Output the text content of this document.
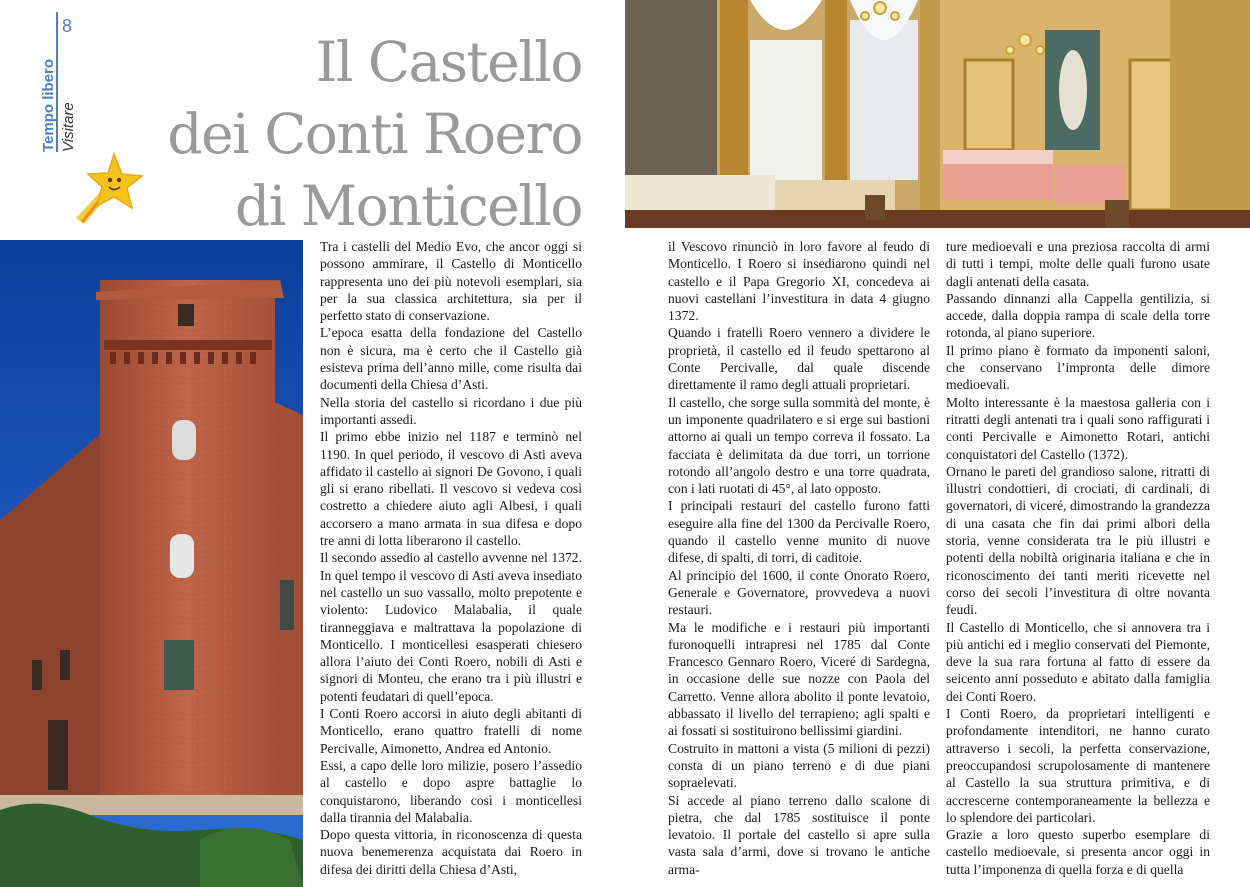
Tempo libero Visitare
8
Il Castello
dei Conti Roero
di Monticello

Tra i castelli del Medio Evo, che ancor oggi si possono ammirare, il Castello di Monticello rappresenta uno dei più notevoli esemplari, sia per la sua classica architettura, sia per il perfetto stato di conservazione.

L’epoca esatta della fondazione del Castello non è sicura, ma è certo che il Castello già esisteva prima dell’anno mille, come risulta dai documenti della Chiesa d’Asti.

Nella storia del castello si ricordano i due più importanti assedi.

Il primo ebbe inizio nel 1187 e terminò nel 1190. In quel periodo, il vescovo di Asti aveva affidato il castello ai signori De Govono, i quali gli si erano ribellati. Il vescovo si vedeva così costretto a chiedere aiuto agli Albesi, i quali accorsero a mano armata in sua difesa e dopo tre anni di lotta liberarono il castello.

Il secondo assedio al castello avvenne nel 1372. In quel tempo il vescovo di Asti aveva insediato nel castello un suo vassallo, molto prepotente e violento: Ludovico Malabalia, il quale tiranneggiava e maltrattava la popolazione di Monticello. I monticellesi esasperati chiesero allora l’aiuto dei Conti Roero, nobili di Asti e signori di Monteu, che erano tra i più illustri e potenti feudatari di quell’epoca.

I Conti Roero accorsi in aiuto degli abitanti di Monticello, erano quattro fratelli di nome Percivalle, Aimonetto, Andrea ed Antonio.

Essi, a capo delle loro milizie, posero l’assedio al castello e dopo aspre battaglie lo conquistarono, liberando così i monticellesi dalla tirannia del Malabalia.

Dopo questa vittoria, in riconoscenza di questa nuova benemerenza acquistata dai Roero in difesa dei diritti della Chiesa d’Asti,

il Vescovo rinunciò in loro favore al feudo di Monticello. I Roero si insediarono quindi nel castello e il Papa Gregorio XI, concedeva ai nuovi castellani l’investitura in data 4 giugno 1372.

Quando i fratelli Roero vennero a dividere le proprietà, il castello ed il feudo spettarono al Conte Percivalle, dal quale discende direttamente il ramo degli attuali proprietari.

Il castello, che sorge sulla sommità del monte, è un imponente quadrilatero e si erge sui bastioni attorno ai quali un tempo correva il fossato. La facciata è delimitata da due torri, un torrione rotondo all’angolo destro e una torre quadrata, con i lati ruotati di 45°, al lato opposto.

I principali restauri del castello furono fatti eseguire alla fine del 1300 da Percivalle Roero, quando il castello venne munito di nuove difese, di spalti, di torri, di caditoie.

Al principio del 1600, il conte Onorato Roero, Generale e Governatore, provvedeva a nuovi restauri.

Ma le modifiche e i restauri più importanti furonoquelli intrapresi nel 1785 dal Conte Francesco Gennaro Roero, Viceré di Sardegna, in occasione delle sue nozze con Paola del Carretto. Venne allora abolito il ponte levatoio, abbassato il livello del terrapieno; agli spalti e ai fossati si sostituirono bellissimi giardini.

Costruito in mattoni a vista (5 milioni di pezzi) consta di un piano terreno e di due piani sopraelevati.

Si accede al piano terreno dallo scalone di pietra, che dal 1785 sostituisce il ponte levatoio. Il portale del castello si apre sulla vasta sala d’armi, dove si trovano le antiche arma-

ture medioevali e una preziosa raccolta di armi di tutti i tempi, molte delle quali furono usate dagli antenati della casata.

Passando dinnanzi alla Cappella gentilizia, si accede, dalla doppia rampa di scale della torre rotonda, al piano superiore.

Il primo piano è formato da imponenti saloni, che conservano l’impronta delle dimore medioevali.

Molto interessante è la maestosa galleria con i ritratti degli antenati tra i quali sono raffigurati i conti Percivalle e Aimonetto Rotari, antichi conquistatori del Castello (1372).

Ornano le pareti del grandioso salone, ritratti di illustri condottieri, di crociati, di cardinali, di governatori, di viceré, dimostrando la grandezza di una casata che fin dai primi albori della storia, venne considerata tra le più illustri e potenti della nobiltà originaria italiana e che in riconoscimento dei tanti meriti ricevette nel corso dei secoli l’investitura di oltre novanta feudi.

Il Castello di Monticello, che si annovera tra i più antichi ed i meglio conservati del Piemonte, deve la sua rara fortuna al fatto di essere da seicento anni posseduto e abitato dalla famiglia dei Conti Roero.

I Conti Roero, da proprietari intelligenti e profondamente intenditori, ne hanno curato attraverso i secoli, la perfetta conservazione, preoccupandosi scrupolosamente di mantenere al Castello la sua struttura primitiva, e di accrescerne contemporaneamente la bellezza e lo splendore dei particolari.

Grazie a loro questo superbo esemplare di castello medioevale, si presenta ancor oggi in tutta l’imponenza di quella forza e di quella
